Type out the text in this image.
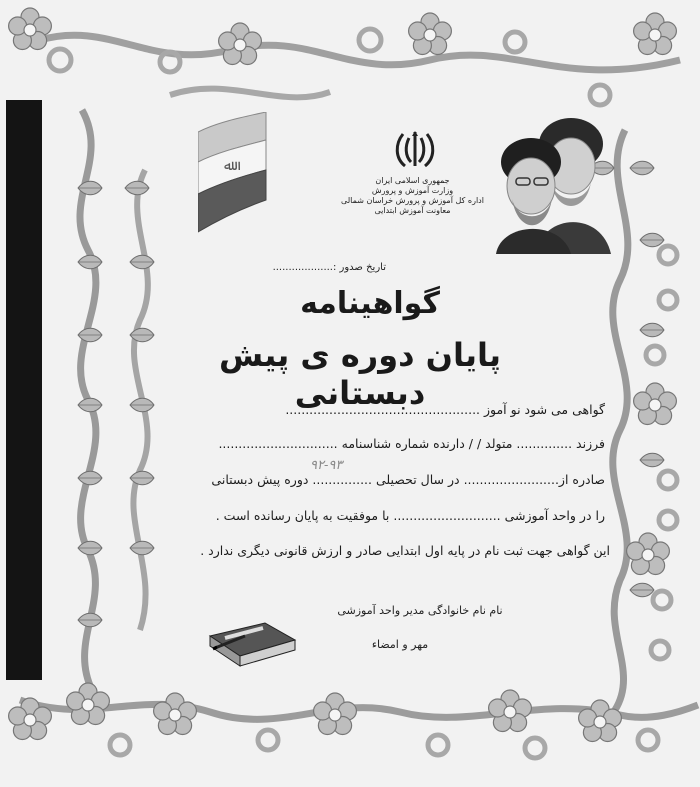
ﷲ
جمهوری اسلامی ایران
وزارت آموزش و پرورش
اداره کل آموزش و پرورش خراسان شمالی
معاونت آموزش ابتدایی
تاریخ صدور :...................
گواهینامه
پایان دوره ی پیش دبستانی
گواهی می شود نو آموز .................................................
فرزند .............. متولد / / دارنده شماره شناسنامه ..............................
صادره از........................ در سال تحصیلی ............... دوره پیش دبستانی
را در واحد آموزشی ........................... با موفقیت به پایان رسانده است .
این گواهی جهت ثبت نام در پایه اول ابتدایی صادر و ارزش قانونی دیگری ندارد .
۹۲-۹۳
نام نام خانوادگی مدیر واحد آموزشی
مهر و امضاء
